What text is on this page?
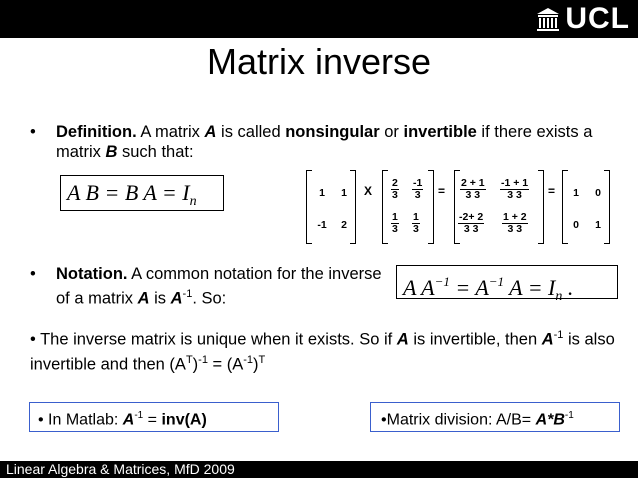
UCL
Matrix inverse
•	Definition. A matrix A is called nonsingular or invertible if there exists a matrix B such that:
A B = B $A = I_n$
1 1
-1	2
X $\frac{2}{3} \frac{-1}{3}$
$\frac{1}{3} \frac{1}{3}$
= $\frac{2 + 1}{3 3} \frac{-1 + 1}{3 3}$
$\frac{-2+ 2}{3 3} \frac{1 + 2}{3 3}$
= 1 0
0 1
•	Notation. A common notation for the inverse of a matrix A is $A^{-1}$. So:	A $A^{-1} = A^{-1}$ $A = I_n$ .
• The inverse matrix is unique when it exists. So if A is invertible, then $A^{-1}$ is also invertible and then $(A^T)^{-1} = (A^{-1})^T$
• In Matlab: $A^{-1} = inv(A)$	•Matrix division: $A/B= A*B^{-1}$
Linear Algebra & Matrices, MfD 2009
